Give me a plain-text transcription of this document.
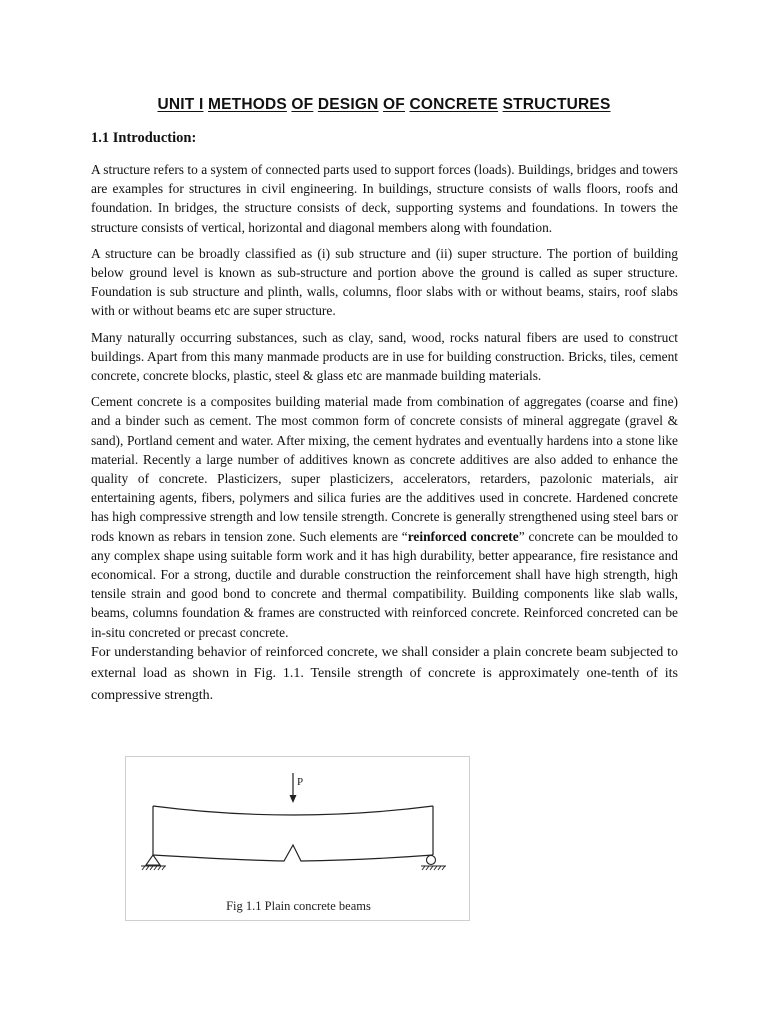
UNIT I METHODS OF DESIGN OF CONCRETE STRUCTURES
1.1 Introduction:

A structure refers to a system of connected parts used to support forces (loads). Buildings, bridges and towers are examples for structures in civil engineering. In buildings, structure consists of walls floors, roofs and foundation. In bridges, the structure consists of deck, supporting systems and foundations. In towers the structure consists of vertical, horizontal and diagonal members along with foundation.

A structure can be broadly classified as (i) sub structure and (ii) super structure. The portion of building below ground level is known as sub-structure and portion above the ground is called as super structure. Foundation is sub structure and plinth, walls, columns, floor slabs with or without beams, stairs, roof slabs with or without beams etc are super structure.

Many naturally occurring substances, such as clay, sand, wood, rocks natural fibers are used to construct buildings. Apart from this many manmade products are in use for building construction. Bricks, tiles, cement concrete, concrete blocks, plastic, steel & glass etc are manmade building materials.

Cement concrete is a composites building material made from combination of aggregates (coarse and fine) and a binder such as cement. The most common form of concrete consists of mineral aggregate (gravel & sand), Portland cement and water. After mixing, the cement hydrates and eventually hardens into a stone like material. Recently a large number of additives known as concrete additives are also added to enhance the quality of concrete. Plasticizers, super plasticizers, accelerators, retarders, pazolonic materials, air entertaining agents, fibers, polymers and silica furies are the additives used in concrete. Hardened concrete has high compressive strength and low tensile strength. Concrete is generally strengthened using steel bars or rods known as rebars in tension zone. Such elements are “reinforced concrete” concrete can be moulded to any complex shape using suitable form work and it has high durability, better appearance, fire resistance and economical. For a strong, ductile and durable construction the reinforcement shall have high strength, high tensile strain and good bond to concrete and thermal compatibility. Building components like slab walls, beams, columns foundation & frames are constructed with reinforced concrete. Reinforced concreted can be in-situ concreted or precast concrete.

For understanding behavior of reinforced concrete, we shall consider a plain concrete beam subjected to external load as shown in Fig. 1.1. Tensile strength of concrete is approximately one-tenth of its compressive strength.

P
Fig 1.1 Plain concrete beams
